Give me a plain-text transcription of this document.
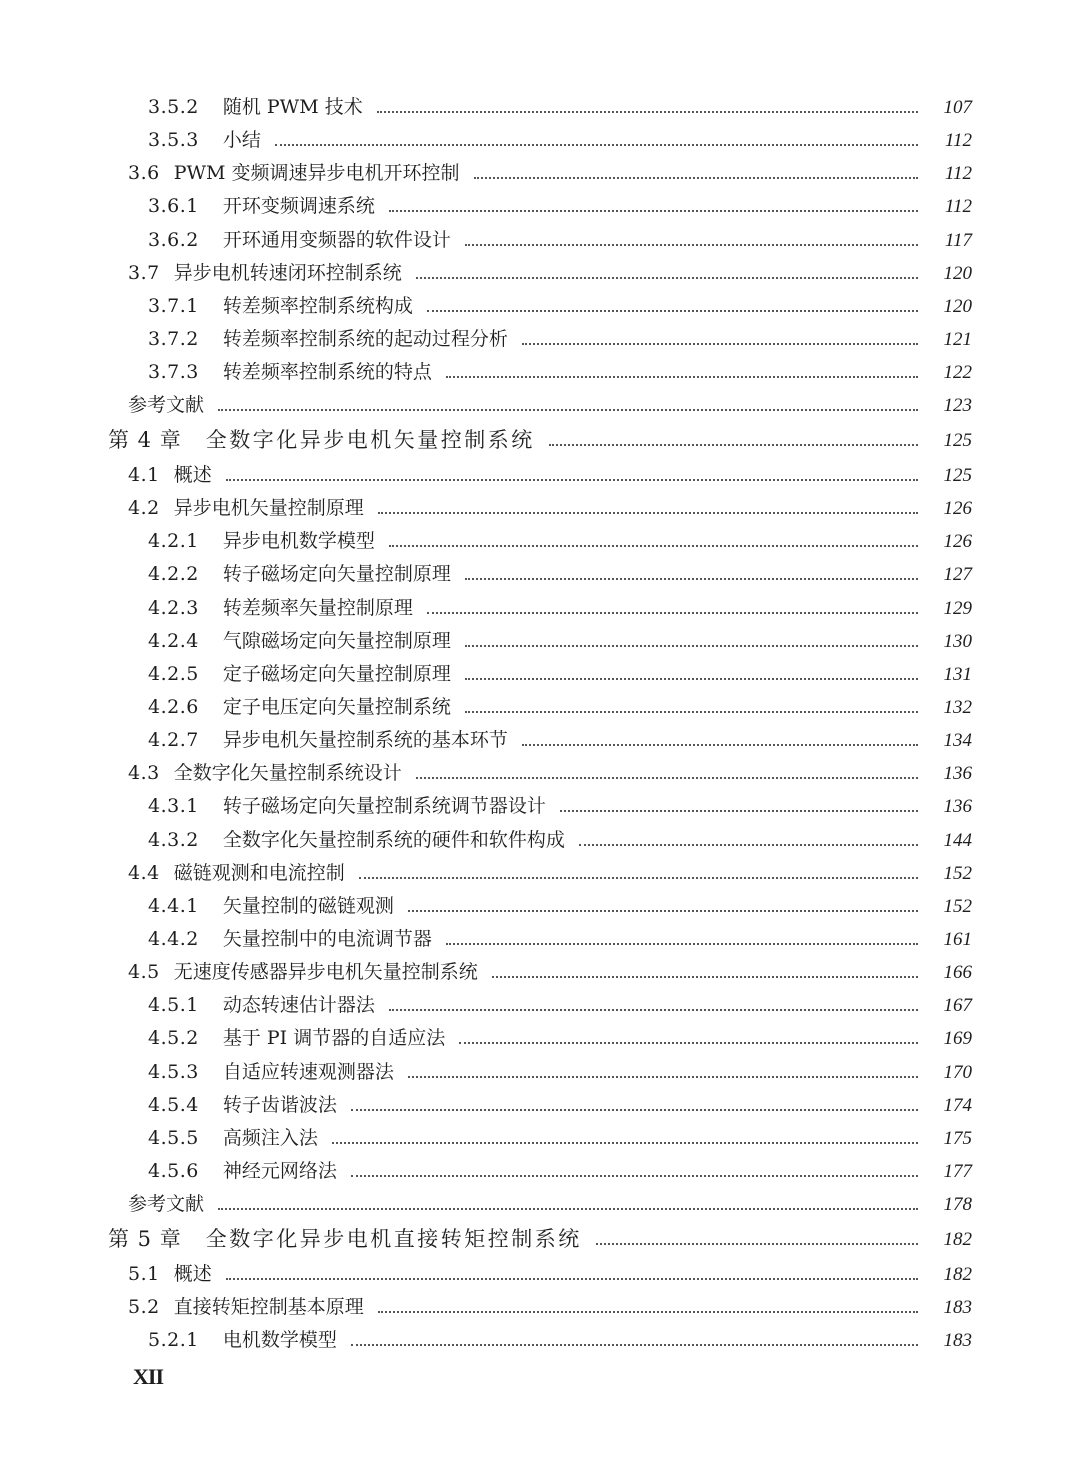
3.5.2 随机 PWM 技术	107
3.5.3 小结	112
3.6 PWM 变频调速异步电机开环控制	112
3.6.1 开环变频调速系统	112
3.6.2 开环通用变频器的软件设计	117
3.7 异步电机转速闭环控制系统	120
3.7.1 转差频率控制系统构成	120
3.7.2 转差频率控制系统的起动过程分析	121
3.7.3 转差频率控制系统的特点	122
参考文献	123
第 4 章 全数字化异步电机矢量控制系统	125
4.1 概述	125
4.2 异步电机矢量控制原理	126
4.2.1 异步电机数学模型	126
4.2.2 转子磁场定向矢量控制原理	127
4.2.3 转差频率矢量控制原理	129
4.2.4 气隙磁场定向矢量控制原理	130
4.2.5 定子磁场定向矢量控制原理	131
4.2.6 定子电压定向矢量控制系统	132
4.2.7 异步电机矢量控制系统的基本环节	134
4.3 全数字化矢量控制系统设计	136
4.3.1 转子磁场定向矢量控制系统调节器设计	136
4.3.2 全数字化矢量控制系统的硬件和软件构成	144
4.4 磁链观测和电流控制	152
4.4.1 矢量控制的磁链观测	152
4.4.2 矢量控制中的电流调节器	161
4.5 无速度传感器异步电机矢量控制系统	166
4.5.1 动态转速估计器法	167
4.5.2 基于 PI 调节器的自适应法	169
4.5.3 自适应转速观测器法	170
4.5.4 转子齿谐波法	174
4.5.5 高频注入法	175
4.5.6 神经元网络法	177
参考文献	178
第 5 章 全数字化异步电机直接转矩控制系统	182
5.1 概述	182
5.2 直接转矩控制基本原理	183
5.2.1 电机数学模型	183
XII
